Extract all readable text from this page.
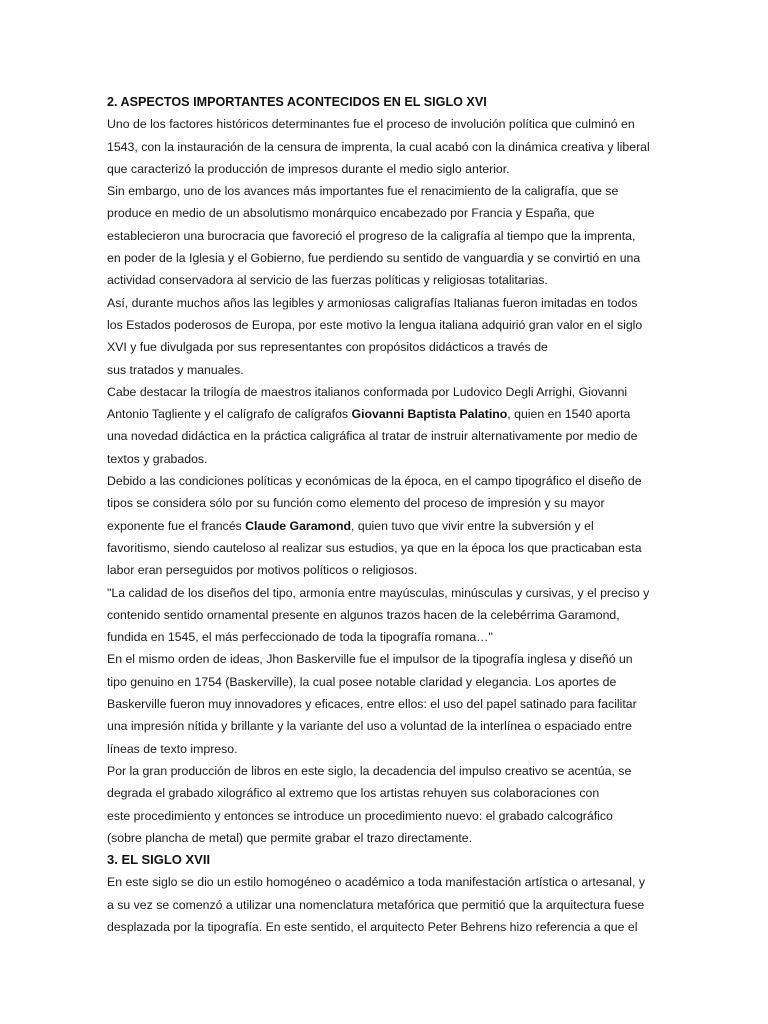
2. ASPECTOS IMPORTANTES ACONTECIDOS EN EL SIGLO XVI
Uno de los factores históricos determinantes fue el proceso de involución política que culminó en
1543, con la instauración de la censura de imprenta, la cual acabó con la dinámica creativa y liberal
que caracterizó la producción de impresos durante el medio siglo anterior.
Sin embargo, uno de los avances más importantes fue el renacimiento de la caligrafía, que se
produce en medio de un absolutismo monárquico encabezado por Francia y España, que
establecieron una burocracia que favoreció el progreso de la caligrafía al tiempo que la imprenta,
en poder de la Iglesia y el Gobierno, fue perdiendo su sentido de vanguardia y se convirtió en una
actividad conservadora al servicio de las fuerzas políticas y religiosas totalitarias.
Así, durante muchos años las legibles y armoniosas caligrafías Italianas fueron imitadas en todos
los Estados poderosos de Europa, por este motivo la lengua italiana adquirió gran valor en el siglo
XVI y fue divulgada por sus representantes con propósitos didácticos a través de
sus tratados y manuales.
Cabe destacar la trilogía de maestros italianos conformada por Ludovico Degli Arrighi, Giovanni
Antonio Tagliente y el calígrafo de calígrafos Giovanni Baptista Palatino, quien en 1540 aporta
una novedad didáctica en la práctica caligráfica al tratar de instruir alternativamente por medio de
textos y grabados.
Debido a las condiciones políticas y económicas de la época, en el campo tipográfico el diseño de
tipos se considera sólo por su función como elemento del proceso de impresión y su mayor
exponente fue el francés Claude Garamond, quien tuvo que vivir entre la subversión y el
favoritismo, siendo cauteloso al realizar sus estudios, ya que en la época los que practicaban esta
labor eran perseguidos por motivos políticos o religiosos.
"La calidad de los diseños del tipo, armonía entre mayúsculas, minúsculas y cursivas, y el preciso y
contenido sentido ornamental presente en algunos trazos hacen de la celebérrima Garamond,
fundida en 1545, el más perfeccionado de toda la tipografía romana…"
En el mismo orden de ideas, Jhon Baskerville fue el impulsor de la tipografía inglesa y diseñó un
tipo genuino en 1754 (Baskerville), la cual posee notable claridad y elegancia. Los aportes de
Baskerville fueron muy innovadores y eficaces, entre ellos: el uso del papel satinado para facilitar
una impresión nítida y brillante y la variante del uso a voluntad de la interlínea o espaciado entre
líneas de texto impreso.
Por la gran producción de libros en este siglo, la decadencia del impulso creativo se acentúa, se
degrada el grabado xilográfico al extremo que los artistas rehuyen sus colaboraciones con
este procedimiento y entonces se introduce un procedimiento nuevo: el grabado calcográfico
(sobre plancha de metal) que permite grabar el trazo directamente.
3. EL SIGLO XVII
En este siglo se dio un estilo homogéneo o académico a toda manifestación artística o artesanal, y
a su vez se comenzó a utilizar una nomenclatura metafórica que permitió que la arquitectura fuese
desplazada por la tipografía. En este sentido, el arquitecto Peter Behrens hizo referencia a que el
